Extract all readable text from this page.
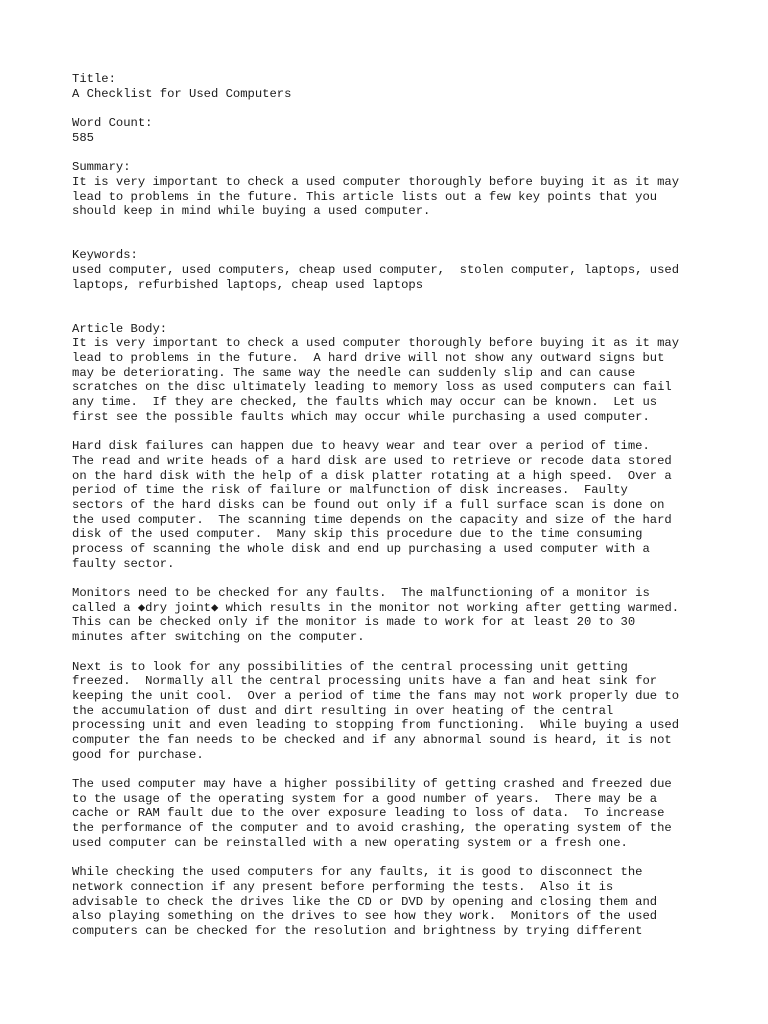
Title:
A Checklist for Used Computers
Word Count:
585
Summary:
It is very important to check a used computer thoroughly before buying it as it may
lead to problems in the future. This article lists out a few key points that you
should keep in mind while buying a used computer.
Keywords:
used computer, used computers, cheap used computer,  stolen computer, laptops, used
laptops, refurbished laptops, cheap used laptops
Article Body:
It is very important to check a used computer thoroughly before buying it as it may
lead to problems in the future.  A hard drive will not show any outward signs but
may be deteriorating. The same way the needle can suddenly slip and can cause
scratches on the disc ultimately leading to memory loss as used computers can fail
any time.  If they are checked, the faults which may occur can be known.  Let us
first see the possible faults which may occur while purchasing a used computer.
Hard disk failures can happen due to heavy wear and tear over a period of time.
The read and write heads of a hard disk are used to retrieve or recode data stored
on the hard disk with the help of a disk platter rotating at a high speed.  Over a
period of time the risk of failure or malfunction of disk increases.  Faulty
sectors of the hard disks can be found out only if a full surface scan is done on
the used computer.  The scanning time depends on the capacity and size of the hard
disk of the used computer.  Many skip this procedure due to the time consuming
process of scanning the whole disk and end up purchasing a used computer with a
faulty sector.
Monitors need to be checked for any faults.  The malfunctioning of a monitor is
called a ◆dry joint◆ which results in the monitor not working after getting warmed.
This can be checked only if the monitor is made to work for at least 20 to 30
minutes after switching on the computer.
Next is to look for any possibilities of the central processing unit getting
freezed.  Normally all the central processing units have a fan and heat sink for
keeping the unit cool.  Over a period of time the fans may not work properly due to
the accumulation of dust and dirt resulting in over heating of the central
processing unit and even leading to stopping from functioning.  While buying a used
computer the fan needs to be checked and if any abnormal sound is heard, it is not
good for purchase.
The used computer may have a higher possibility of getting crashed and freezed due
to the usage of the operating system for a good number of years.  There may be a
cache or RAM fault due to the over exposure leading to loss of data.  To increase
the performance of the computer and to avoid crashing, the operating system of the
used computer can be reinstalled with a new operating system or a fresh one.
While checking the used computers for any faults, it is good to disconnect the
network connection if any present before performing the tests.  Also it is
advisable to check the drives like the CD or DVD by opening and closing them and
also playing something on the drives to see how they work.  Monitors of the used
computers can be checked for the resolution and brightness by trying different
